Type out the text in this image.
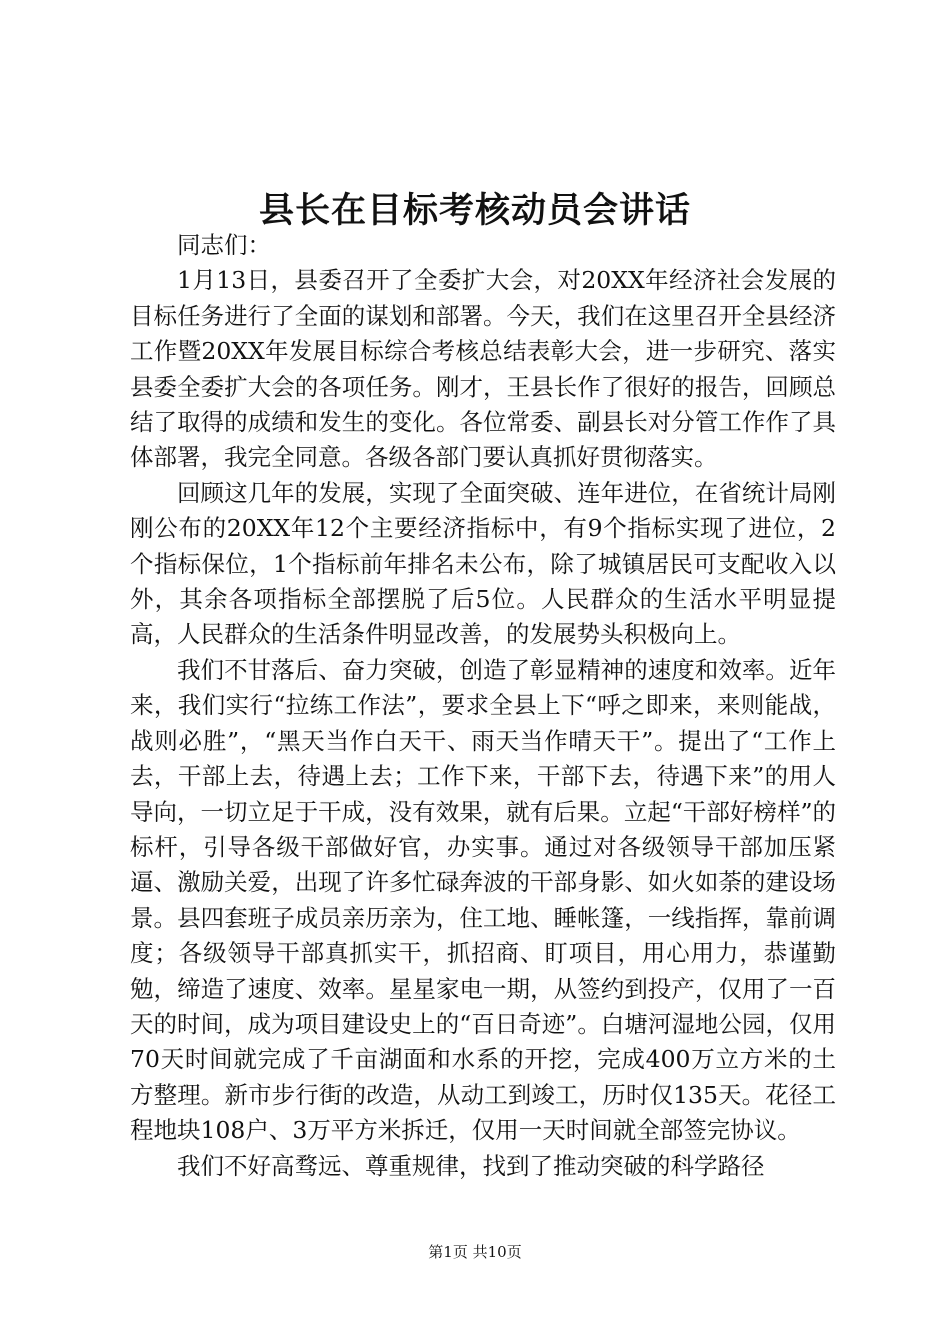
县长在目标考核动员会讲话

同志们：

1月13日，县委召开了全委扩大会，对20XX年经济社会发展的目标任务进行了全面的谋划和部署。今天，我们在这里召开全县经济工作暨20XX年发展目标综合考核总结表彰大会，进一步研究、落实县委全委扩大会的各项任务。刚才，王县长作了很好的报告，回顾总结了取得的成绩和发生的变化。各位常委、副县长对分管工作作了具体部署，我完全同意。各级各部门要认真抓好贯彻落实。

回顾这几年的发展，实现了全面突破、连年进位，在省统计局刚刚公布的20XX年12个主要经济指标中，有9个指标实现了进位，2个指标保位，1个指标前年排名未公布，除了城镇居民可支配收入以外，其余各项指标全部摆脱了后5位。人民群众的生活水平明显提高，人民群众的生活条件明显改善，的发展势头积极向上。

我们不甘落后、奋力突破，创造了彰显精神的速度和效率。近年来，我们实行“拉练工作法”，要求全县上下“呼之即来，来则能战，战则必胜”，“黑天当作白天干、雨天当作晴天干”。提出了“工作上去，干部上去，待遇上去；工作下来，干部下去，待遇下来”的用人导向，一切立足于干成，没有效果，就有后果。立起“干部好榜样”的标杆，引导各级干部做好官，办实事。通过对各级领导干部加压紧逼、激励关爱，出现了许多忙碌奔波的干部身影、如火如荼的建设场景。县四套班子成员亲历亲为，住工地、睡帐篷，一线指挥，靠前调度；各级领导干部真抓实干，抓招商、盯项目，用心用力，恭谨勤勉，缔造了速度、效率。星星家电一期，从签约到投产，仅用了一百天的时间，成为项目建设史上的“百日奇迹”。白塘河湿地公园，仅用70天时间就完成了千亩湖面和水系的开挖，完成400万立方米的土方整理。新市步行街的改造，从动工到竣工，历时仅135天。花径工程地块108户、3万平方米拆迁，仅用一天时间就全部签完协议。

我们不好高骛远、尊重规律，找到了推动突破的科学路径

第1页 共10页
